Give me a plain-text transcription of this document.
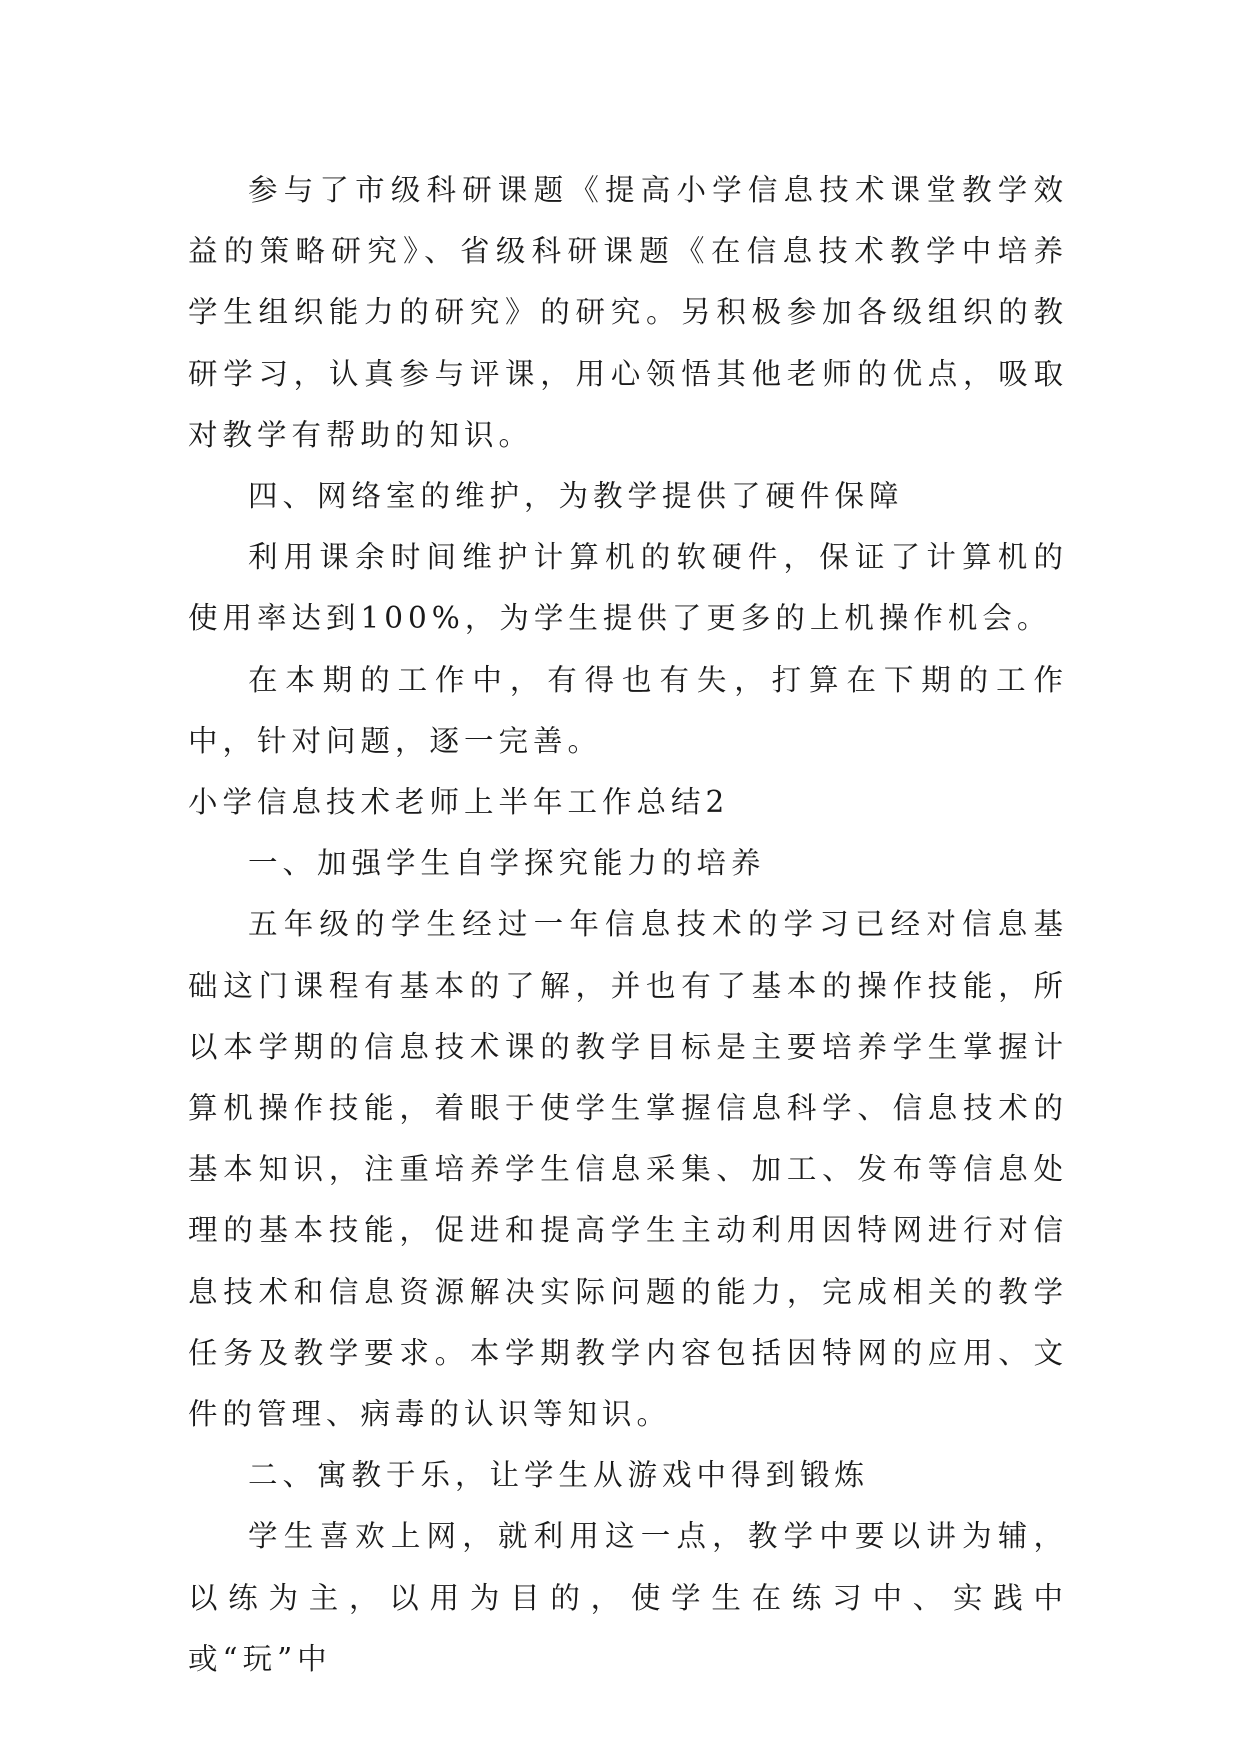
参与了市级科研课题《提高小学信息技术课堂教学效益的策略研究》、省级科研课题《在信息技术教学中培养学生组织能力的研究》的研究。另积极参加各级组织的教研学习，认真参与评课，用心领悟其他老师的优点，吸取对教学有帮助的知识。

四、网络室的维护，为教学提供了硬件保障

利用课余时间维护计算机的软硬件，保证了计算机的使用率达到100%，为学生提供了更多的上机操作机会。

在本期的工作中，有得也有失，打算在下期的工作中，针对问题，逐一完善。

小学信息技术老师上半年工作总结2

一、加强学生自学探究能力的培养

五年级的学生经过一年信息技术的学习已经对信息基础这门课程有基本的了解，并也有了基本的操作技能，所以本学期的信息技术课的教学目标是主要培养学生掌握计算机操作技能，着眼于使学生掌握信息科学、信息技术的基本知识，注重培养学生信息采集、加工、发布等信息处理的基本技能，促进和提高学生主动利用因特网进行对信息技术和信息资源解决实际问题的能力，完成相关的教学任务及教学要求。本学期教学内容包括因特网的应用、文件的管理、病毒的认识等知识。

二、寓教于乐，让学生从游戏中得到锻炼

学生喜欢上网，就利用这一点，教学中要以讲为辅，以练为主，以用为目的，使学生在练习中、实践中或“玩”中
